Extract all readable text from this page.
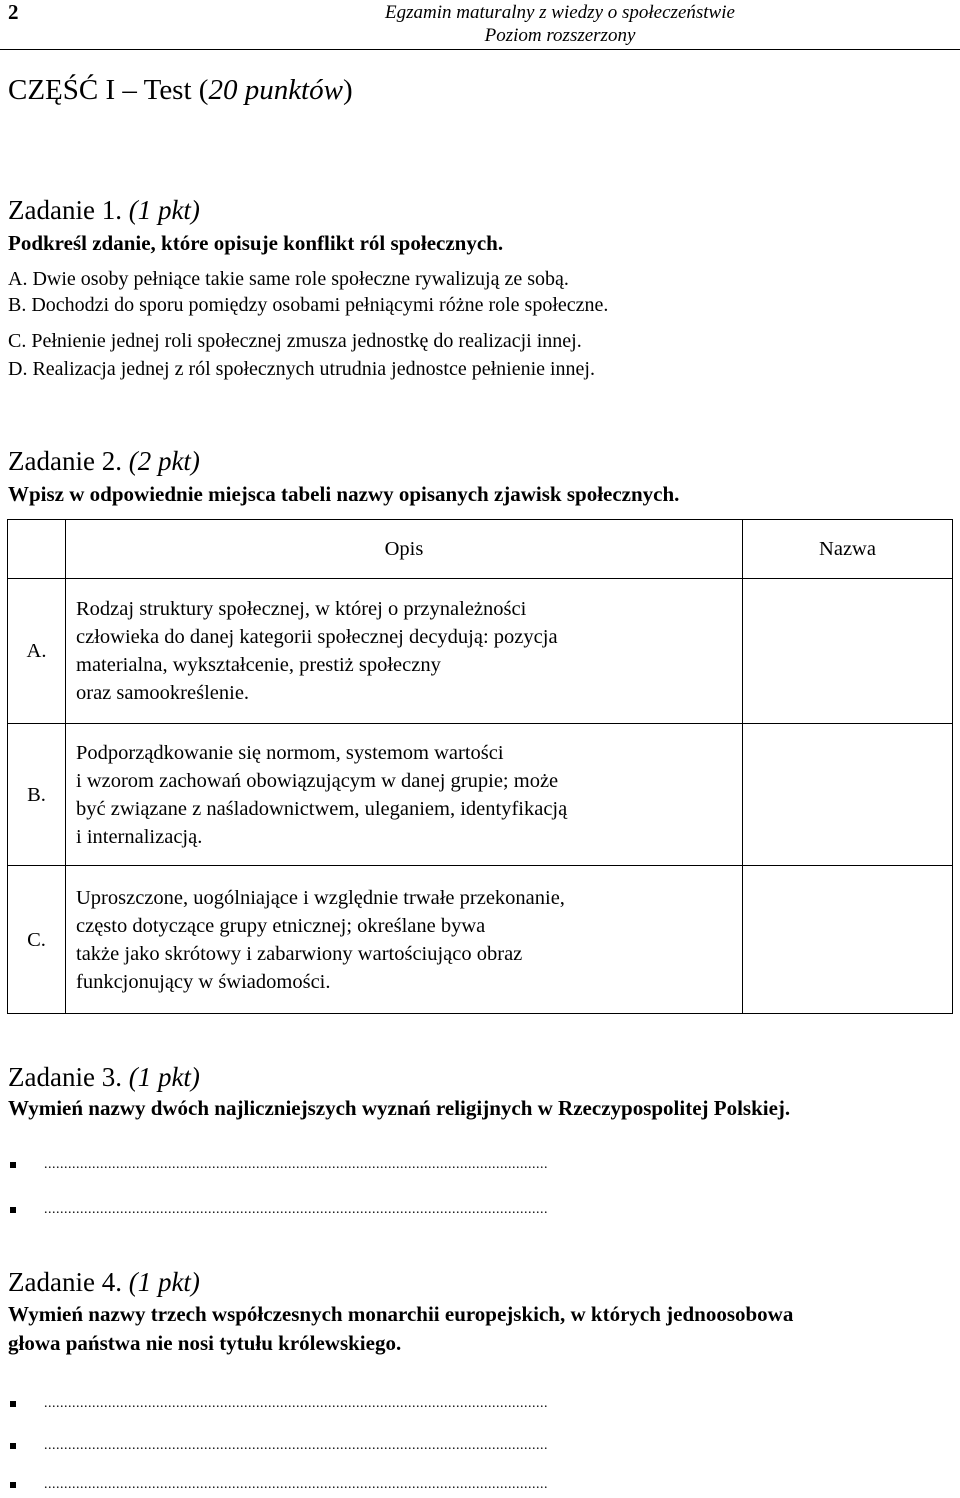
2	Egzamin maturalny z wiedzy o społeczeństwie
Poziom rozszerzony
CZĘŚĆ I – Test (20 punktów)
Zadanie 1. (1 pkt)
Podkreśl zdanie, które opisuje konflikt ról społecznych.
A. Dwie osoby pełniące takie same role społeczne rywalizują ze sobą.
B. Dochodzi do sporu pomiędzy osobami pełniącymi różne role społeczne.
C. Pełnienie jednej roli społecznej zmusza jednostkę do realizacji innej.
D. Realizacja jednej z ról społecznych utrudnia jednostce pełnienie innej.
Zadanie 2. (2 pkt)
Wpisz w odpowiednie miejsca tabeli nazwy opisanych zjawisk społecznych.
	Opis	Nazwa
A.	Rodzaj struktury społecznej, w której o przynależności
człowieka do danej kategorii społecznej decydują: pozycja
materialna, wykształcenie, prestiż społeczny
oraz samookreślenie.	

B.	Podporządkowanie się normom, systemom wartości
i wzorom zachowań obowiązującym w danej grupie; może
być związane z naśladownictwem, uleganiem, identyfikacją
i internalizacją.	

C.	Uproszczone, uogólniające i względnie trwałe przekonanie,
często dotyczące grupy etnicznej; określane bywa
także jako skrótowy i zabarwiony wartościująco obraz
funkcjonujący w świadomości.	

Zadanie 3. (1 pkt)
Wymień nazwy dwóch najliczniejszych wyznań religijnych w Rzeczypospolitej Polskiej.
..............................................................................................................................
..............................................................................................................................
Zadanie 4. (1 pkt)
Wymień nazwy trzech współczesnych monarchii europejskich, w których jednoosobowa
głowa państwa nie nosi tytułu królewskiego.
..............................................................................................................................
..............................................................................................................................
..............................................................................................................................
